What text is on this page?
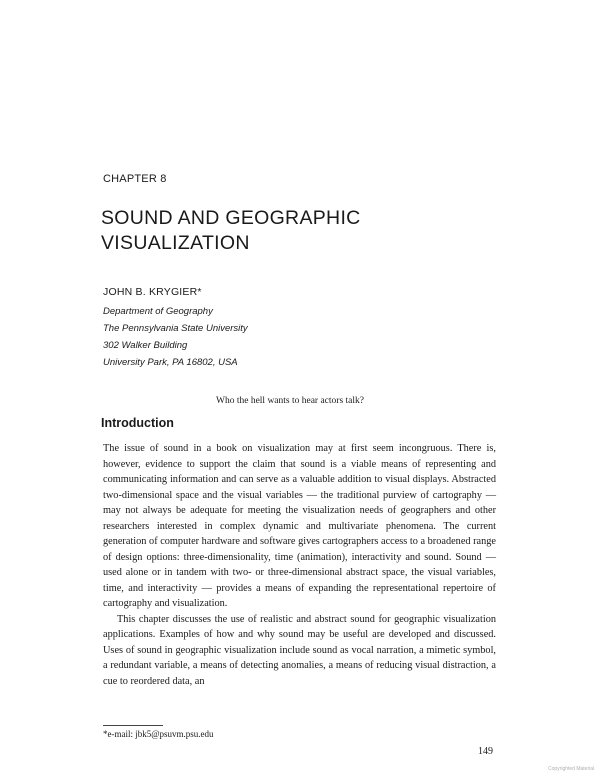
CHAPTER 8
SOUND AND GEOGRAPHIC
VISUALIZATION
JOHN B. KRYGIER*
Department of Geography
The Pennsylvania State University
302 Walker Building
University Park, PA 16802, USA
Who the hell wants to hear actors talk?
Introduction

The issue of sound in a book on visualization may at first seem incongruous. There is, however, evidence to support the claim that sound is a viable means of representing and communicating information and can serve as a valuable addition to visual displays. Abstracted two-dimensional space and the visual variables — the traditional purview of cartography — may not always be adequate for meeting the visualization needs of geographers and other researchers interested in complex dynamic and multivariate phenomena. The current generation of computer hardware and software gives cartographers access to a broadened range of design options: three-dimensionality, time (animation), interactivity and sound. Sound — used alone or in tandem with two- or three-dimensional abstract space, the visual variables, time, and interactivity — provides a means of expanding the representational repertoire of cartography and visualization.

This chapter discusses the use of realistic and abstract sound for geographic visualization applications. Examples of how and why sound may be useful are developed and discussed. Uses of sound in geographic visualization include sound as vocal narration, a mimetic symbol, a redundant variable, a means of detecting anomalies, a means of reducing visual distraction, a cue to reordered data, an

*e-mail: jbk5@psuvm.psu.edu
149
Copyrighted Material
